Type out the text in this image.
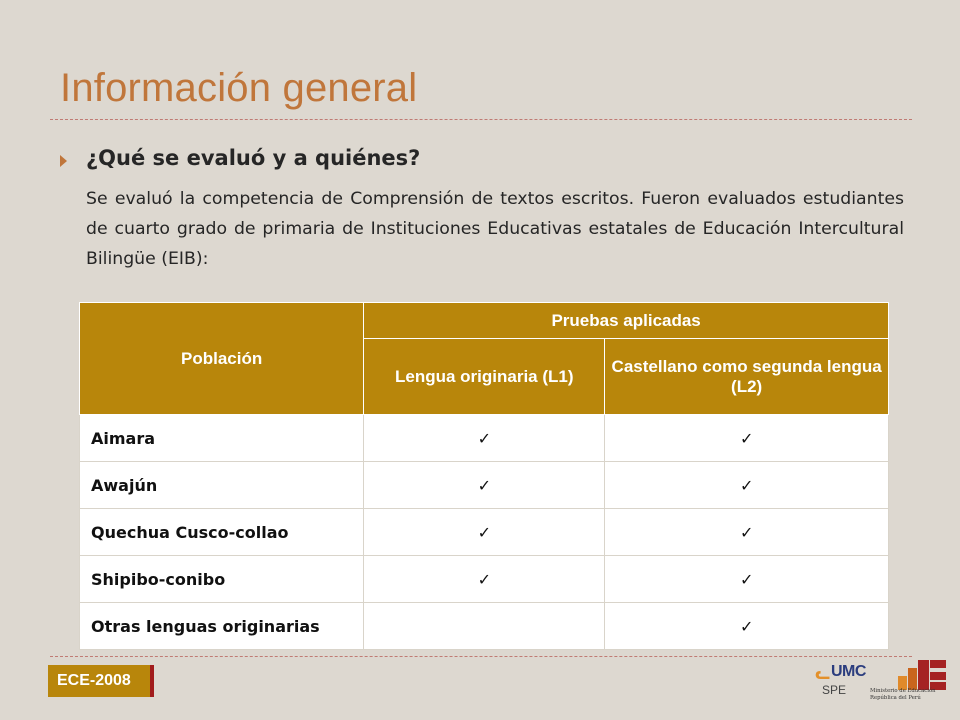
Información general
¿Qué se evaluó y a quiénes?
Se evaluó la competencia de Comprensión de textos escritos. Fueron evaluados estudiantes de cuarto grado de primaria de Instituciones Educativas estatales de Educación Intercultural Bilingüe (EIB):
Población	Pruebas aplicadas	
	Lengua originaria (L1)	Castellano como segunda lengua (L2)
Aimara	✓	✓
Awajún	✓	✓
Quechua Cusco-collao	✓	✓
Shipibo-conibo	✓	✓
Otras lenguas originarias		✓
ECE-2008	ᓚ UMC
SPE	Ministerio de Educación
República del Perú
